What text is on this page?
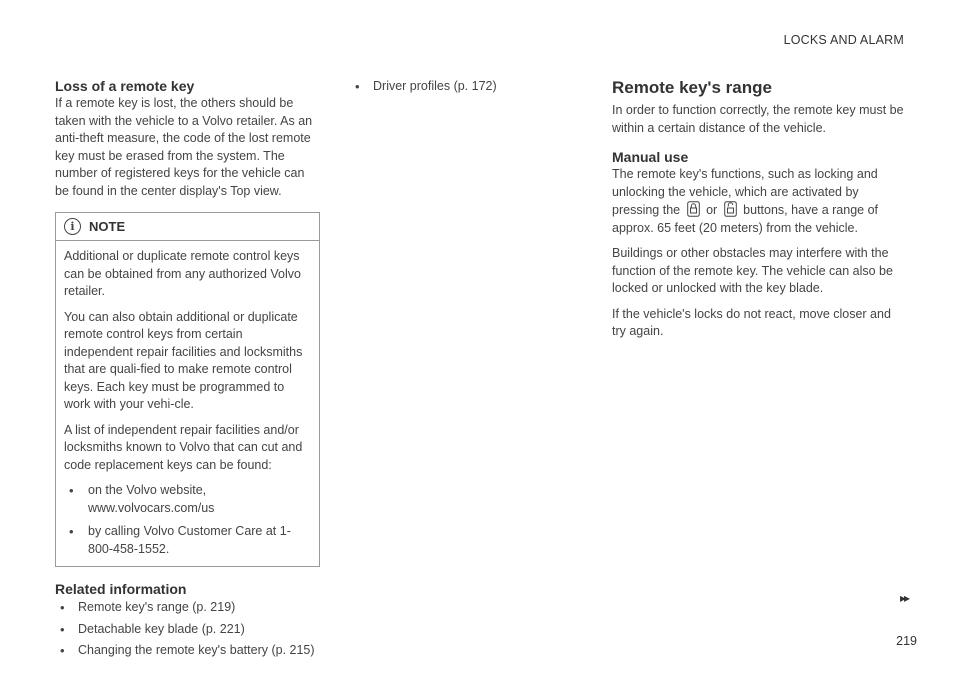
LOCKS AND ALARM
Loss of a remote key

If a remote key is lost, the others should be taken with the vehicle to a Volvo retailer. As an anti-theft measure, the code of the lost remote key must be erased from the system. The number of registered keys for the vehicle can be found in the center display's Top view.

i	NOTE

Additional or duplicate remote control keys can be obtained from any authorized Volvo retailer.

You can also obtain additional or duplicate remote control keys from certain independent repair facilities and locksmiths that are quali-fied to make remote control keys. Each key must be programmed to work with your vehi-cle.

A list of independent repair facilities and/or locksmiths known to Volvo that can cut and code replacement keys can be found:

• on the Volvo website, www.volvocars.com/us
• by calling Volvo Customer Care at 1-800-458-1552.
Related information
• Remote key's range (p. 219)
• Detachable key blade (p. 221)
• Changing the remote key's battery (p. 215)
• Driver profiles (p. 172)	Remote key's range

In order to function correctly, the remote key must be within a certain distance of the vehicle.

Manual use

The remote key's functions, such as locking and unlocking the vehicle, which are activated by pressing the or buttons, have a range of approx. 65 feet (20 meters) from the vehicle.

Buildings or other obstacles may interfere with the function of the remote key. The vehicle can also be locked or unlocked with the key blade.

If the vehicle's locks do not react, move closer and try again.

▸▸
219
